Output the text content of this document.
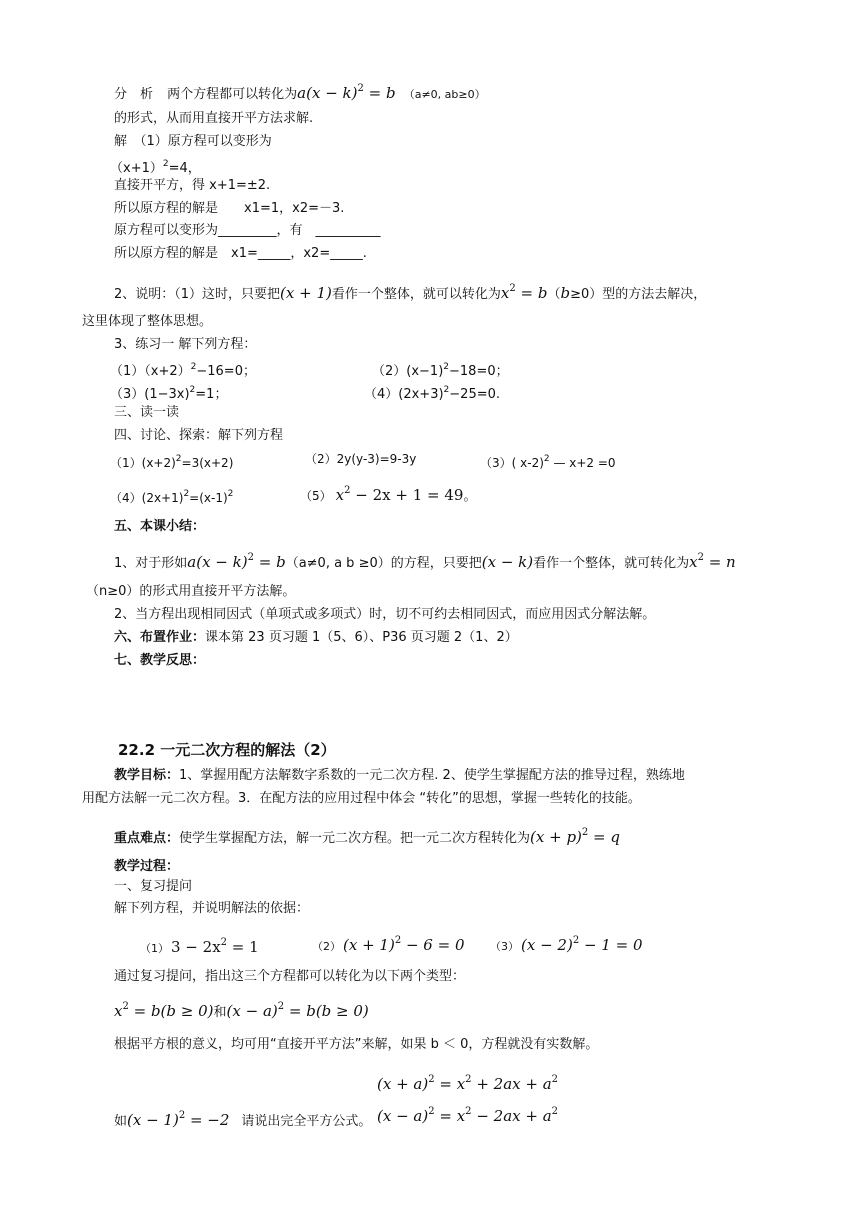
分　析 两个方程都可以转化为$a(x - k)^2 = b$ （a≠0, ab≥0）
的形式，从而用直接开平方法求解.
解　（1）原方程可以变形为
$(x+1)^2=4$，
直接开平方，得 x+1=±2.
所以原方程的解是　　x1=1，x2=－3.
原方程可以变形为_________，有　__________
所以原方程的解是　x1=_____，x2=_____.
2、说明：（1）这时，只要把(x + 1)看作一个整体，就可以转化为$x^2 = b(b\ge 0)$型的方法去解决，
这里体现了整体思想。
3、练习一 解下列方程：
$(1)(x+2)^2-16=0$；	$(2)(x-1)^2-18=0$；
$(3)(1-3x)^2=1$；	$(4)(2x+3)^2-25=0$.
三、读一读
四、讨论、探索：解下列方程
$(1)(x+2)^2=3(x+2)$	（2）2y(y-3)=9-3y	（3）( x-2)$^2$ — x+2 =0
$(4)(2x+1)^2=(x-1)^2$	（5） $x^2 - 2x + 1 = 49$。
五、本课小结：
1、对于形如$a(x - k)^2 = b(a\ne 0$, a b ≥0）的方程，只要把(x − k)看作一个整体，就可转化为$x^2 = n$
（n≥0）的形式用直接开平方法解。
2、当方程出现相同因式（单项式或多项式）时，切不可约去相同因式，而应用因式分解法解。
六、布置作业：课本第 23 页习题 1（5、6）、P36 页习题 2（1、2）
七、教学反思：
22.2 一元二次方程的解法（2）
教学目标：1、掌握用配方法解数字系数的一元二次方程. 2、使学生掌握配方法的推导过程，熟练地
用配方法解一元二次方程。3．在配方法的应用过程中体会 “转化”的思想，掌握一些转化的技能。
重点难点：使学生掌握配方法，解一元二次方程。把一元二次方程转化为$(x + p)^2 = q$
教学过程：
一、复习提问
解下列方程，并说明解法的依据：
（1） $3 - 2x^2 = 1$	（2） $(x + 1)^2 - 6 = 0$ （3） $(x - 2)^2 - 1 = 0$
通过复习提问，指出这三个方程都可以转化为以下两个类型：
$x^2 = b(b \ge 0)$和$(x - a)^2 = b(b \ge 0)$
根据平方根的意义，均可用“直接开平方法”来解，如果 b ＜ 0，方程就没有实数解。
$(x + a)^2 = x^2 + 2ax + a^2$
如$(x - 1)^2 = -2$ 请说出完全平方公式。 $(x - a)^2 = x^2 - 2ax + a^2$
